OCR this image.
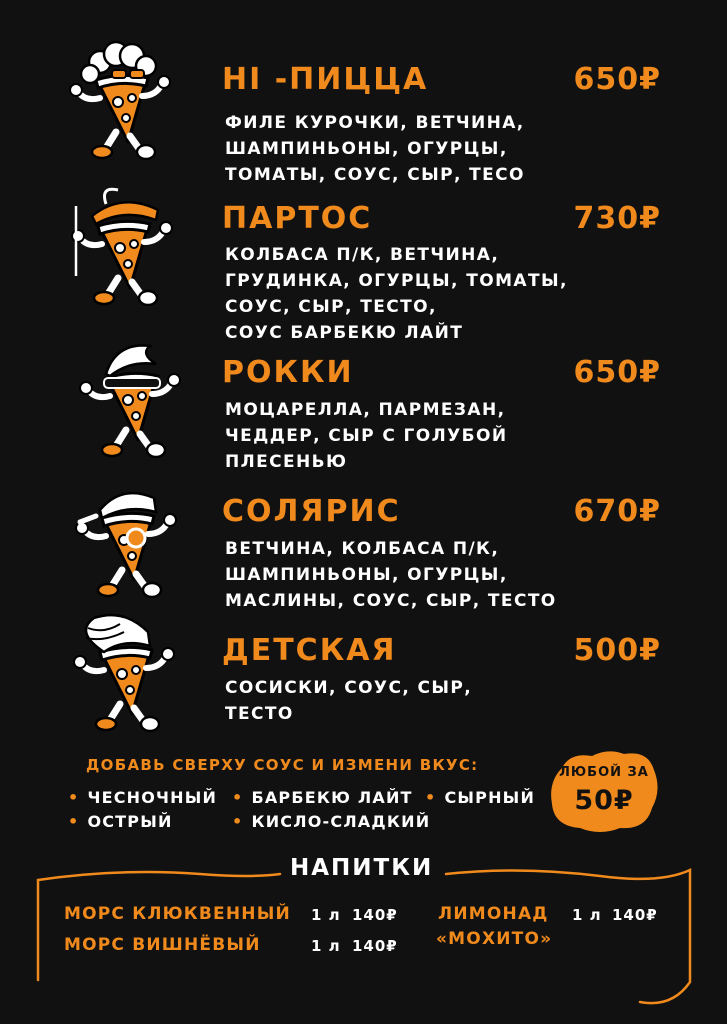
HI -ПИЦЦА	650₽
ФИЛЕ КУРОЧКИ, ВЕТЧИНА,
ШАМПИНЬОНЫ, ОГУРЦЫ,
ТОМАТЫ, СОУС, СЫР, ТЕСО
ПАРТОС	730₽
КОЛБАСА П/К, ВЕТЧИНА,
ГРУДИНКА, ОГУРЦЫ, ТОМАТЫ,
СОУС, СЫР, ТЕСТО,
СОУС БАРБЕКЮ ЛАЙТ
РОККИ	650₽
МОЦАРЕЛЛА, ПАРМЕЗАН,
ЧЕДДЕР, СЫР С ГОЛУБОЙ
ПЛЕСЕНЬЮ
СОЛЯРИС	670₽
ВЕТЧИНА, КОЛБАСА П/К,
ШАМПИНЬОНЫ, ОГУРЦЫ,
МАСЛИНЫ, СОУС, СЫР, ТЕСТО
ДЕТСКАЯ	500₽
СОСИСКИ, СОУС, СЫР,
ТЕСТО
ДОБАВЬ СВЕРХУ СОУС И ИЗМЕНИ ВКУС:
• ЧЕСНОЧНЫЙ • БАРБЕКЮ ЛАЙТ • СЫРНЫЙ
• ОСТРЫЙ	• КИСЛО-СЛАДКИЙ
ЛЮБОЙ ЗА
50₽
НАПИТКИ
МОРС КЛЮКВЕННЫЙ 1 л 140₽
МОРС ВИШНЁВЫЙ	1 л 140₽
ЛИМОНАД
«МОХИТО»
1 л 140₽
